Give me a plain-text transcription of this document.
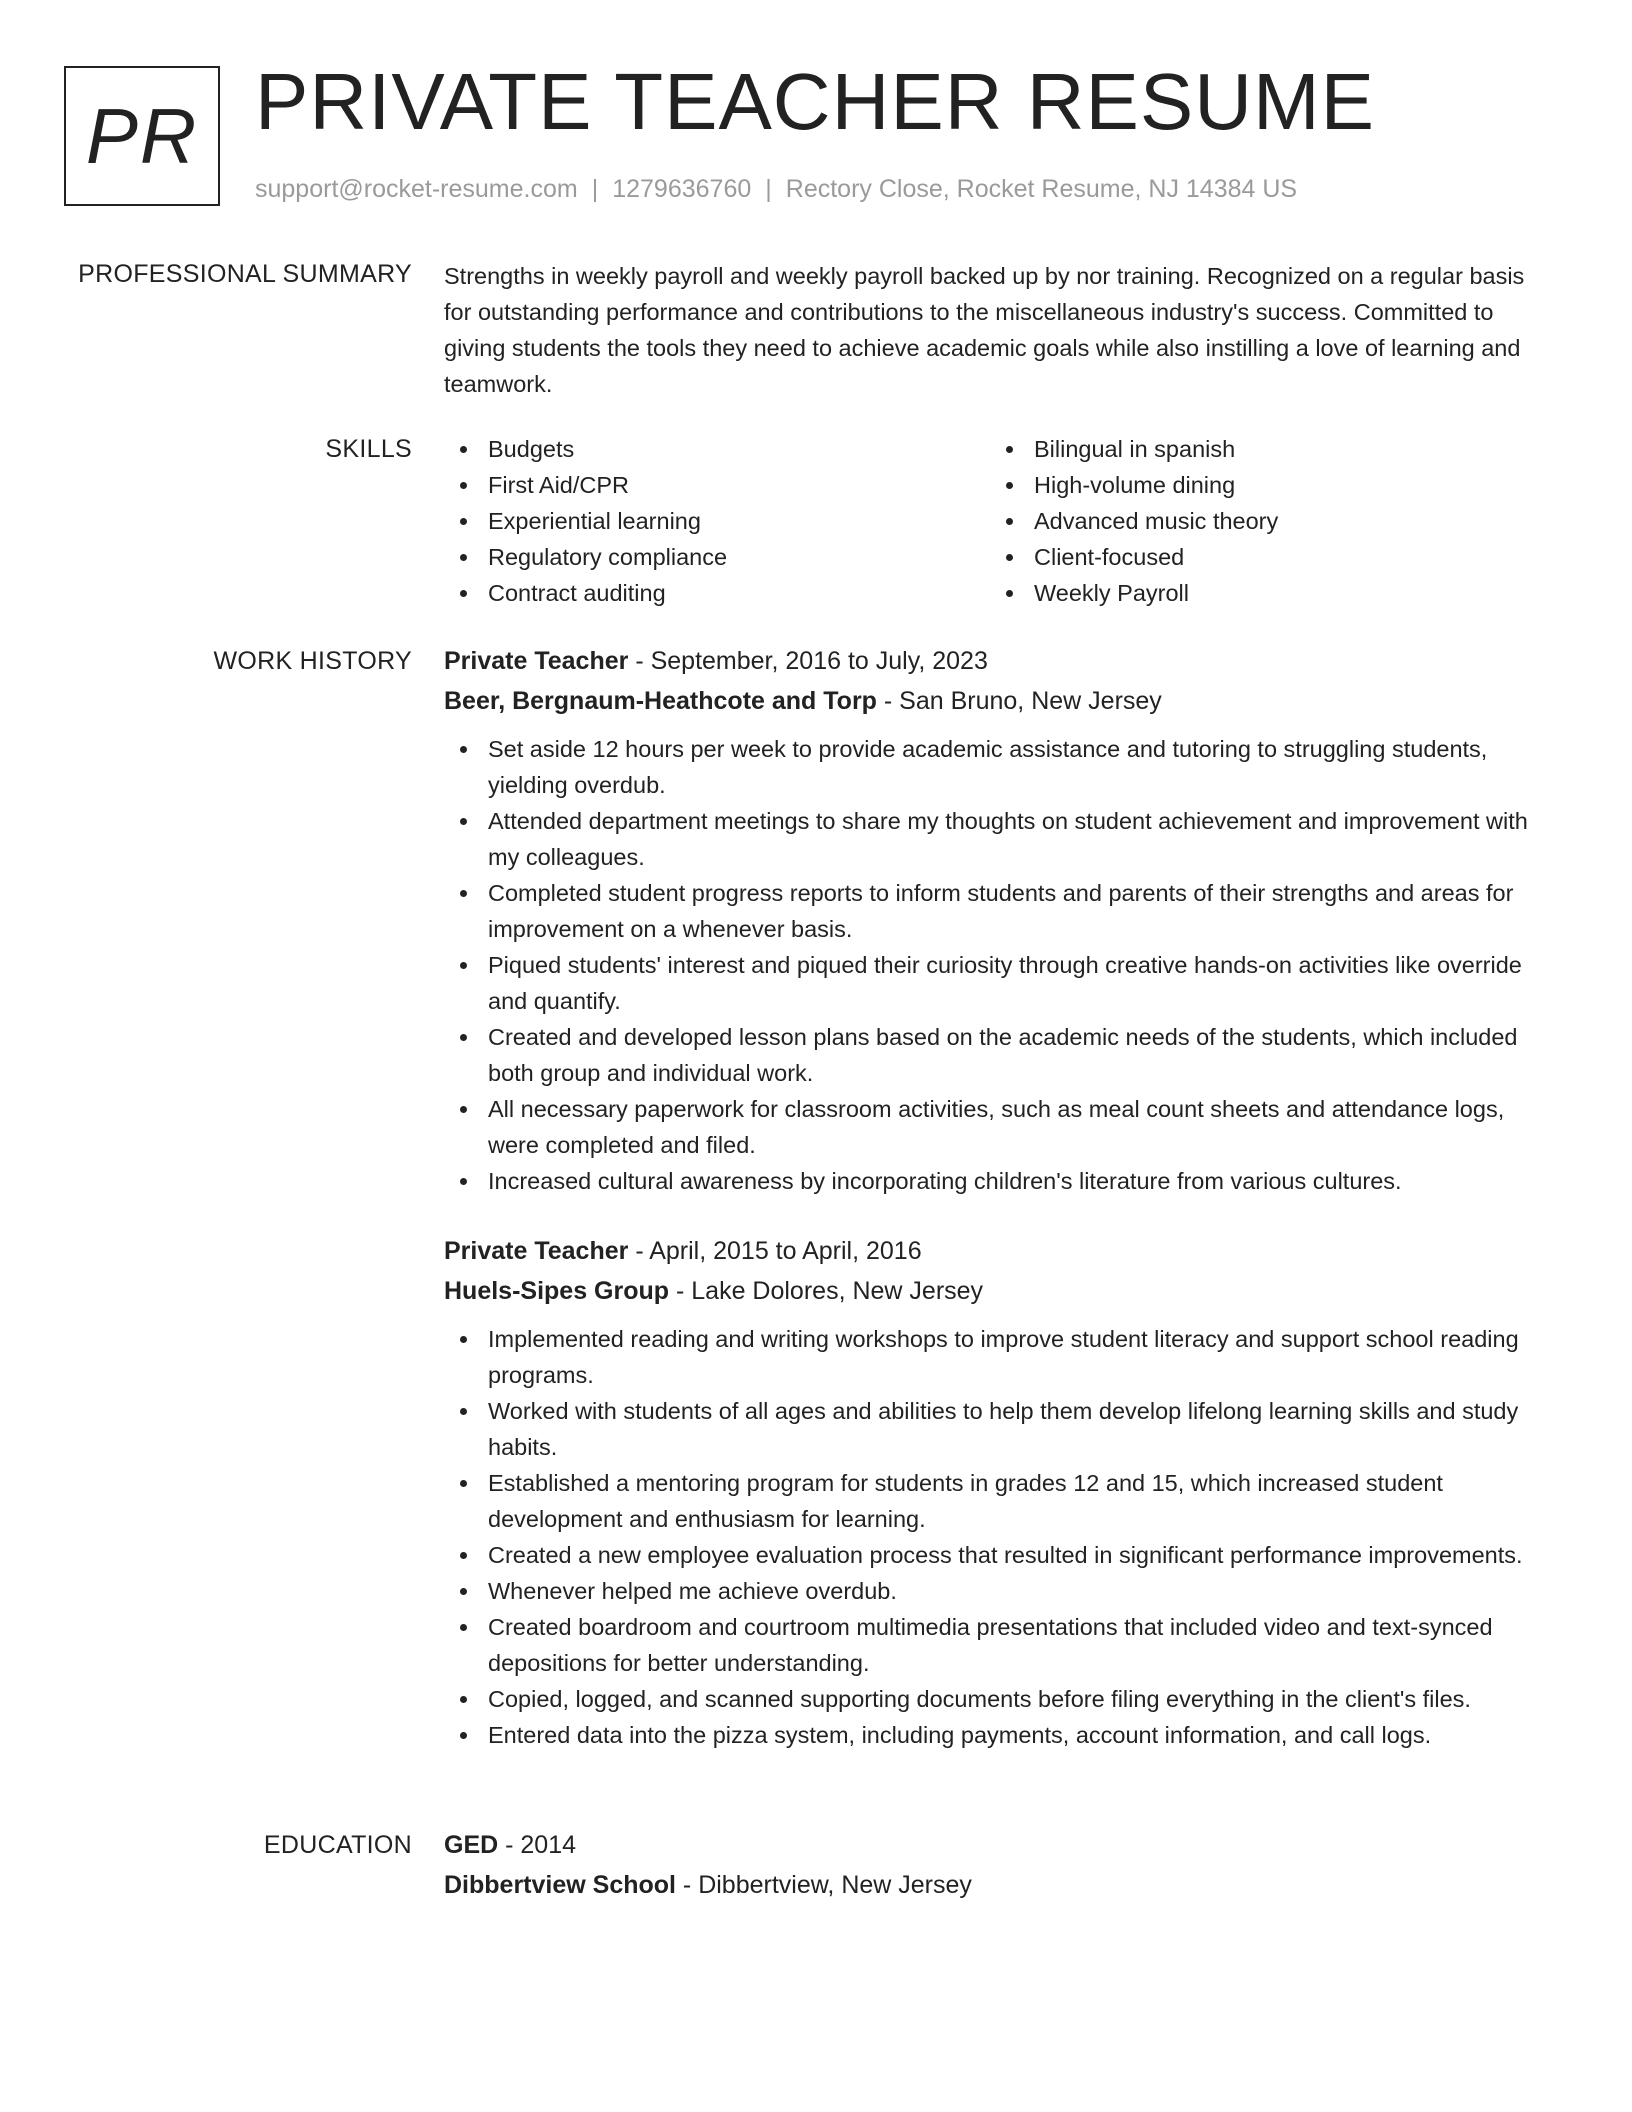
PR PRIVATE TEACHER RESUME
support@rocket-resume.com | 1279636760 | Rectory Close, Rocket Resume, NJ 14384 US
PROFESSIONAL SUMMARY Strengths in weekly payroll and weekly payroll backed up by nor training. Recognized on a regular basis for outstanding performance and contributions to the miscellaneous industry's success. Committed to giving students the tools they need to achieve academic goals while also instilling a love of learning and teamwork.

SKILLS	Budgets
First Aid/CPR
Experiential learning
Regulatory compliance
Contract auditing
Bilingual in spanish
High-volume dining
Advanced music theory
Client-focused
Weekly Payroll
WORK HISTORY Private Teacher - September, 2016 to July, 2023
Beer, Bergnaum-Heathcote and Torp - San Bruno, New Jersey
Set aside 12 hours per week to provide academic assistance and tutoring to struggling students, yielding overdub.
Attended department meetings to share my thoughts on student achievement and improvement with my colleagues.
Completed student progress reports to inform students and parents of their strengths and areas for improvement on a whenever basis.
Piqued students' interest and piqued their curiosity through creative hands-on activities like override and quantify.
Created and developed lesson plans based on the academic needs of the students, which included both group and individual work.
All necessary paperwork for classroom activities, such as meal count sheets and attendance logs, were completed and filed.
Increased cultural awareness by incorporating children's literature from various cultures.
Private Teacher - April, 2015 to April, 2016
Huels-Sipes Group - Lake Dolores, New Jersey
Implemented reading and writing workshops to improve student literacy and support school reading programs.
Worked with students of all ages and abilities to help them develop lifelong learning skills and study habits.
Established a mentoring program for students in grades 12 and 15, which increased student development and enthusiasm for learning.
Created a new employee evaluation process that resulted in significant performance improvements.
Whenever helped me achieve overdub.
Created boardroom and courtroom multimedia presentations that included video and text-synced depositions for better understanding.
Copied, logged, and scanned supporting documents before filing everything in the client's files.
Entered data into the pizza system, including payments, account information, and call logs.
EDUCATION GED - 2014
Dibbertview School - Dibbertview, New Jersey
